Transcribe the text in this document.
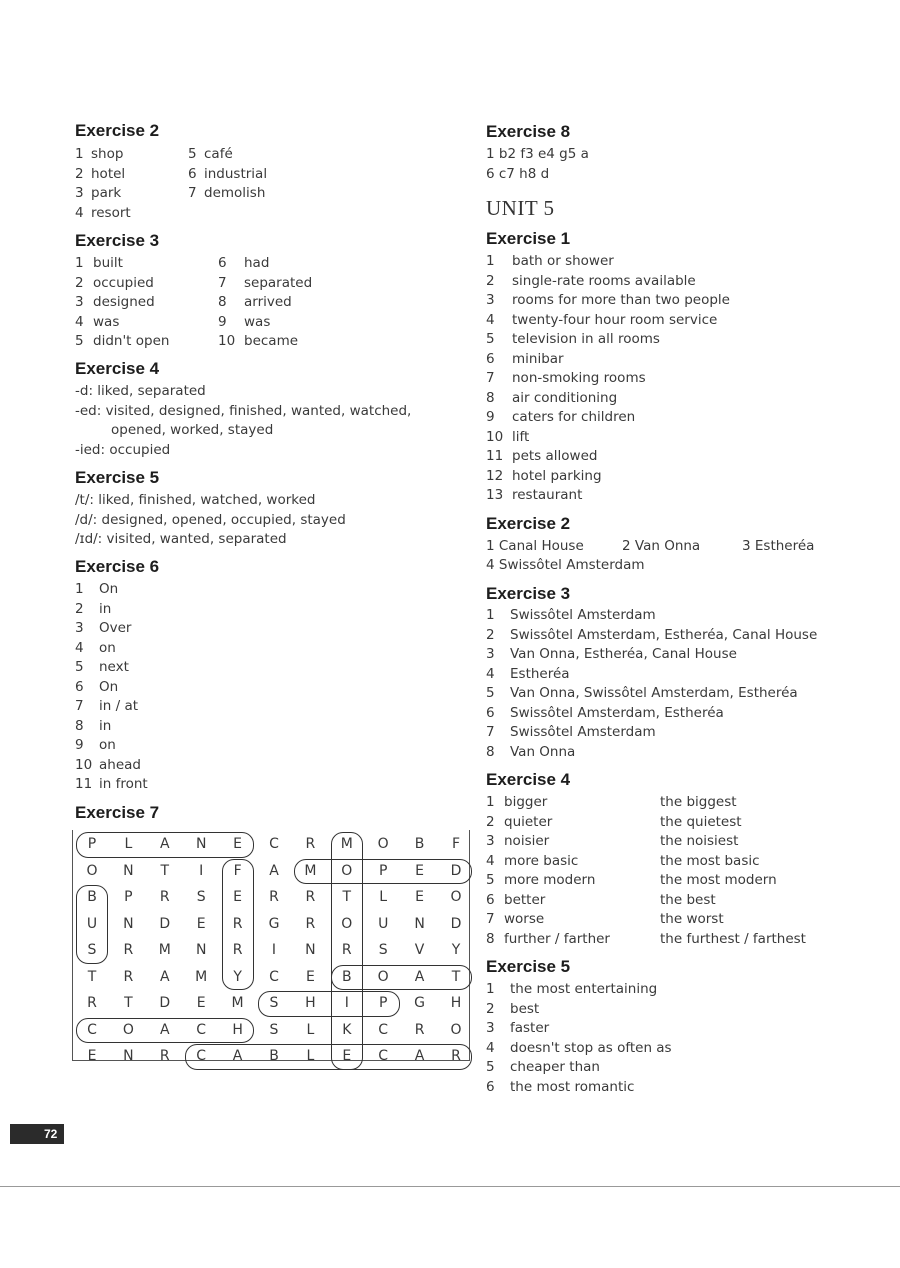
P	L	A	N	E	C	R	M	O	B	F
O	N	T	I	F	A	M	O	P	E	D
B	P	R	S	E	R	R	T	L	E	O
U	N	D	E	R	G	R	O	U	N	D
S	R	M	N	R	I	N	R	S	V	Y
T	R	A	M	Y	C	E	B	O	A	T
R	T	D	E	M	S	H	I	P	G	H
C	O	A	C	H	S	L	K	C	R	O
E	N	R	C	A	B	L	E	C	A	R
72
Exercise 2
1 shop
2 hotel
3 park
4 resort
5 café
6 industrial
7 demolish
Exercise 3
1 built
2 occupied
3 designed
4 was
5 didn't open
6 had
7 separated
8 arrived
9 was
10 became
Exercise 4
-d: liked, separated
-ed: visited, designed, finished, wanted, watched,
opened, worked, stayed
-ied: occupied
Exercise 5
/t/: liked, finished, watched, worked
/d/: designed, opened, occupied, stayed
/ɪd/: visited, wanted, separated
Exercise 6
1 On
2 in
3 Over
4 on
5 next
6 On
7 in / at
8 in
9 on
10 ahead
11 in front
Exercise 7
Exercise 8
1 b2 f3 e4 g5 a
6 c7 h8 d
UNIT 5
Exercise 1
1 bath or shower
2 single-rate rooms available
3 rooms for more than two people
4 twenty-four hour room service
5 television in all rooms
6 minibar
7 non-smoking rooms
8 air conditioning
9 caters for children
10 lift
11 pets allowed
12 hotel parking
13 restaurant
Exercise 2
1 Canal House	2 Van Onna	3 Estheréa
4 Swissôtel Amsterdam
Exercise 3
1 Swissôtel Amsterdam
2 Swissôtel Amsterdam, Estheréa, Canal House
3 Van Onna, Estheréa, Canal House
4 Estheréa
5 Van Onna, Swissôtel Amsterdam, Estheréa
6 Swissôtel Amsterdam, Estheréa
7 Swissôtel Amsterdam
8 Van Onna
Exercise 4
1 bigger	the biggest
2 quieter	the quietest
3 noisier	the noisiest
4 more basic	the most basic
5 more modern	the most modern
6 better	the best
7 worse	the worst
8 further / farther	the furthest / farthest
Exercise 5
1 the most entertaining
2 best
3 faster
4 doesn't stop as often as
5 cheaper than
6 the most romantic
